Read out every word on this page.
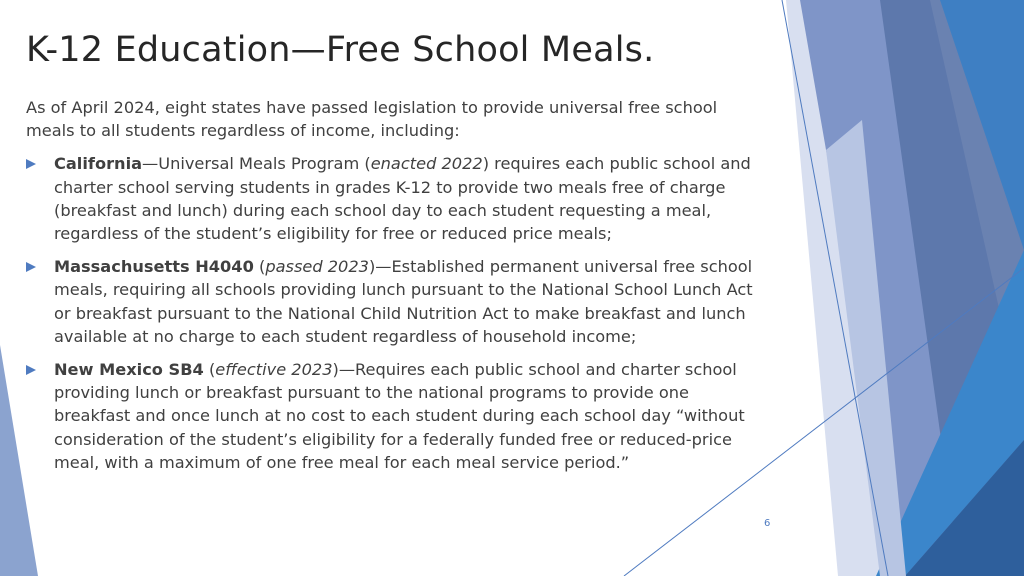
K-12 Education—Free School Meals.

As of April 2024, eight states have passed legislation to provide universal free school meals to all students regardless of income, including:

California—Universal Meals Program (enacted 2022) requires each public school and charter school serving students in grades K-12 to provide two meals free of charge (breakfast and lunch) during each school day to each student requesting a meal, regardless of the student’s eligibility for free or reduced price meals;
Massachusetts H4040 (passed 2023)—Established permanent universal free school meals, requiring all schools providing lunch pursuant to the National School Lunch Act or breakfast pursuant to the National Child Nutrition Act to make breakfast and lunch available at no charge to each student regardless of household income;
New Mexico SB4 (effective 2023)—Requires each public school and charter school providing lunch or breakfast pursuant to the national programs to provide one breakfast and once lunch at no cost to each student during each school day “without consideration of the student’s eligibility for a federally funded free or reduced-price meal, with a maximum of one free meal for each meal service period.”
6
